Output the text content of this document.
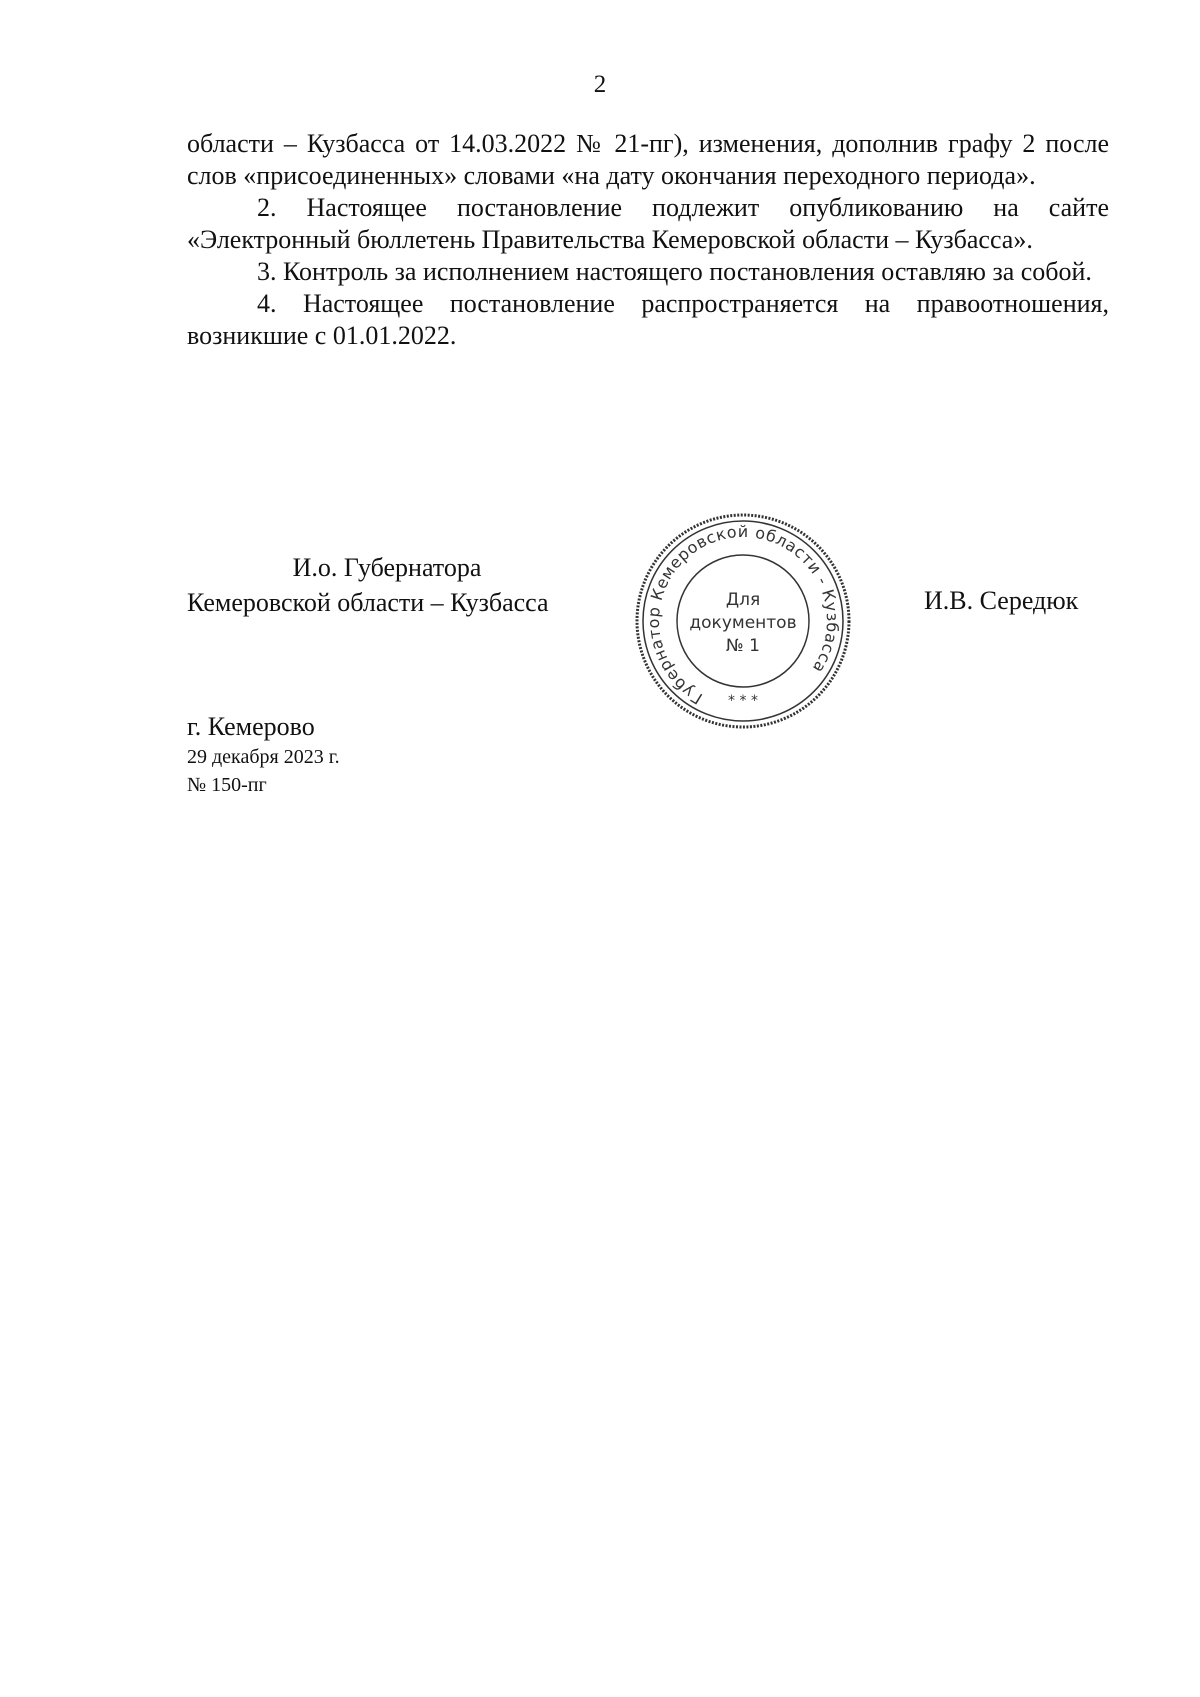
2

области – Кузбасса от 14.03.2022 № 21-пг), изменения, дополнив графу 2 после слов «присоединенных» словами «на дату окончания переходного периода».

2. Настоящее постановление подлежит опубликованию на сайте «Электронный бюллетень Правительства Кемеровской области – Кузбасса».

3. Контроль за исполнением настоящего постановления оставляю за собой.

4. Настоящее постановление распространяется на правоотношения, возникшие с 01.01.2022.

И.о. Губернатора
Кемеровской области – Кузбасса
Губернатор Кемеровской области - Кузбасса
* * *
Для
документов
№ 1
И.В. Середюк
г. Кемерово
29 декабря 2023 г.
№ 150-пг
